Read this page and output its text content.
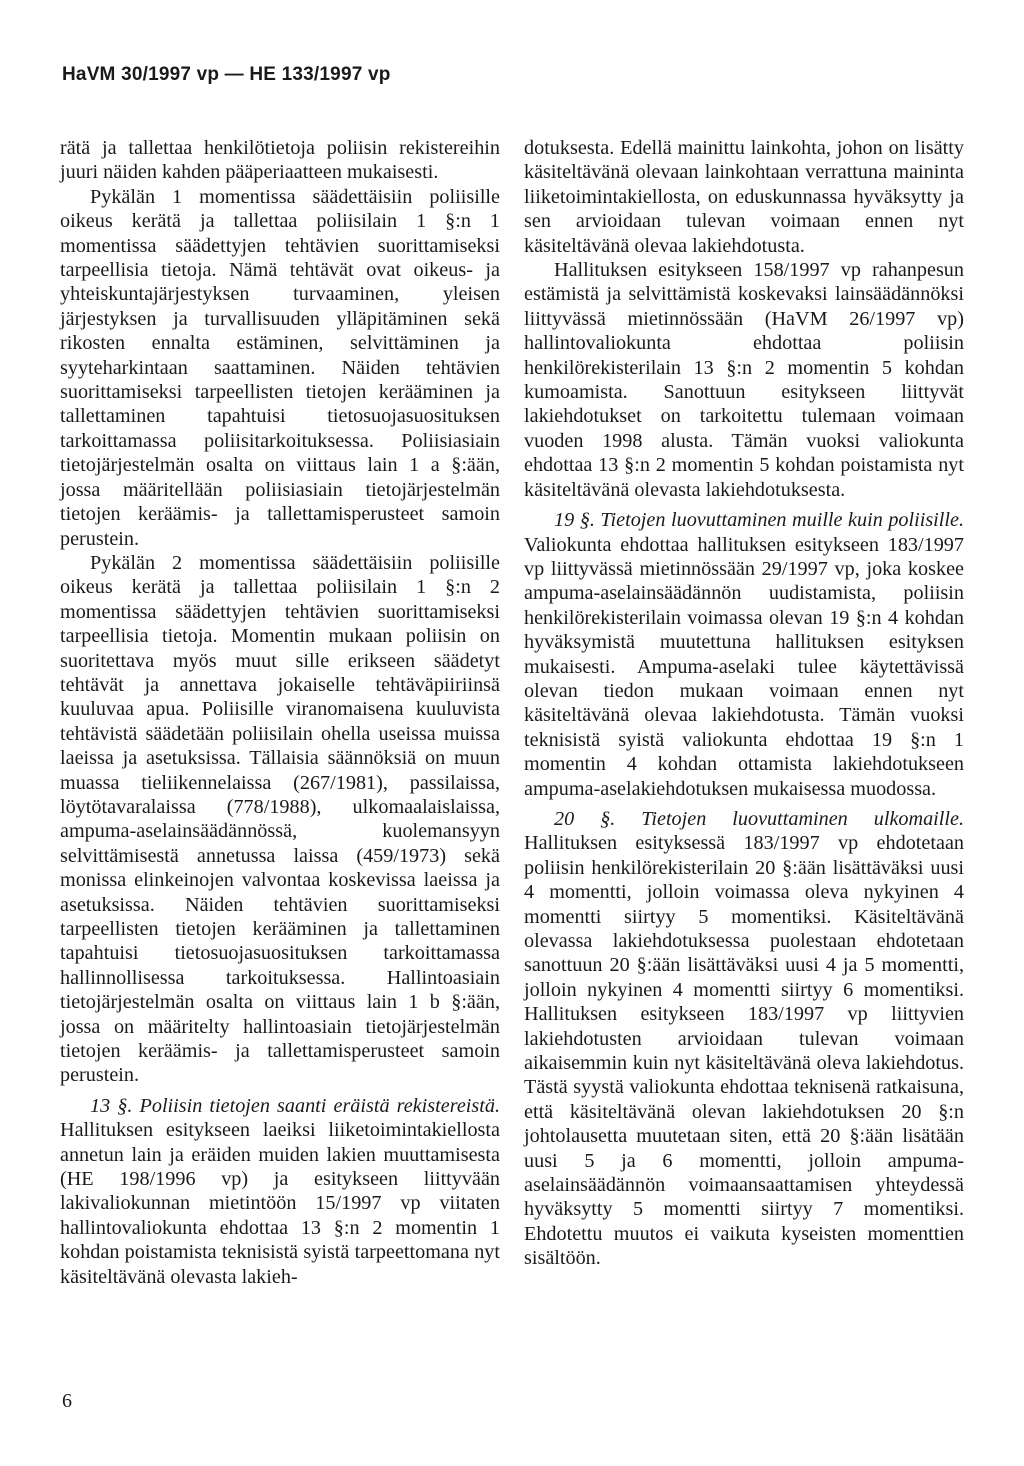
HaVM 30/1997 vp — HE 133/1997 vp

rätä ja tallettaa henkilötietoja poliisin rekistereihin juuri näiden kahden pääperiaatteen mukaisesti.

Pykälän 1 momentissa säädettäisiin poliisille oikeus kerätä ja tallettaa poliisilain 1 §:n 1 momentissa säädettyjen tehtävien suorittamiseksi tarpeellisia tietoja. Nämä tehtävät ovat oikeus- ja yhteiskuntajärjestyksen turvaaminen, yleisen järjestyksen ja turvallisuuden ylläpitäminen sekä rikosten ennalta estäminen, selvittäminen ja syyteharkintaan saattaminen. Näiden tehtävien suorittamiseksi tarpeellisten tietojen kerääminen ja tallettaminen tapahtuisi tietosuojasuosituksen tarkoittamassa poliisitarkoituksessa. Poliisiasiain tietojärjestelmän osalta on viittaus lain 1 a §:ään, jossa määritellään poliisiasiain tietojärjestelmän tietojen keräämis- ja tallettamisperusteet samoin perustein.

Pykälän 2 momentissa säädettäisiin poliisille oikeus kerätä ja tallettaa poliisilain 1 §:n 2 momentissa säädettyjen tehtävien suorittamiseksi tarpeellisia tietoja. Momentin mukaan poliisin on suoritettava myös muut sille erikseen säädetyt tehtävät ja annettava jokaiselle tehtäväpiiriinsä kuuluvaa apua. Poliisille viranomaisena kuuluvista tehtävistä säädetään poliisilain ohella useissa muissa laeissa ja asetuksissa. Tällaisia säännöksiä on muun muassa tieliikennelaissa (267/1981), passilaissa, löytötavaralaissa (778/1988), ulkomaalaislaissa, ampuma-aselainsäädännössä, kuolemansyyn selvittämisestä annetussa laissa (459/1973) sekä monissa elinkeinojen valvontaa koskevissa laeissa ja asetuksissa. Näiden tehtävien suorittamiseksi tarpeellisten tietojen kerääminen ja tallettaminen tapahtuisi tietosuojasuosituksen tarkoittamassa hallinnollisessa tarkoituksessa. Hallintoasiain tietojärjestelmän osalta on viittaus lain 1 b §:ään, jossa on määritelty hallintoasiain tietojärjestelmän tietojen keräämis- ja tallettamisperusteet samoin perustein.

13 §. Poliisin tietojen saanti eräistä rekistereistä. Hallituksen esitykseen laeiksi liiketoimintakiellosta annetun lain ja eräiden muiden lakien muuttamisesta (HE 198/1996 vp) ja esitykseen liittyvään lakivaliokunnan mietintöön 15/1997 vp viitaten hallintovaliokunta ehdottaa 13 §:n 2 momentin 1 kohdan poistamista teknisistä syistä tarpeettomana nyt käsiteltävänä olevasta lakieh-

dotuksesta. Edellä mainittu lainkohta, johon on lisätty käsiteltävänä olevaan lainkohtaan verrattuna maininta liiketoimintakiellosta, on eduskunnassa hyväksytty ja sen arvioidaan tulevan voimaan ennen nyt käsiteltävänä olevaa lakiehdotusta.

Hallituksen esitykseen 158/1997 vp rahanpesun estämistä ja selvittämistä koskevaksi lainsäädännöksi liittyvässä mietinnössään (HaVM 26/1997 vp) hallintovaliokunta ehdottaa poliisin henkilörekisterilain 13 §:n 2 momentin 5 kohdan kumoamista. Sanottuun esitykseen liittyvät lakiehdotukset on tarkoitettu tulemaan voimaan vuoden 1998 alusta. Tämän vuoksi valiokunta ehdottaa 13 §:n 2 momentin 5 kohdan poistamista nyt käsiteltävänä olevasta lakiehdotuksesta.

19 §. Tietojen luovuttaminen muille kuin poliisille. Valiokunta ehdottaa hallituksen esitykseen 183/1997 vp liittyvässä mietinnössään 29/1997 vp, joka koskee ampuma-aselainsäädännön uudistamista, poliisin henkilörekisterilain voimassa olevan 19 §:n 4 kohdan hyväksymistä muutettuna hallituksen esityksen mukaisesti. Ampuma-aselaki tulee käytettävissä olevan tiedon mukaan voimaan ennen nyt käsiteltävänä olevaa lakiehdotusta. Tämän vuoksi teknisistä syistä valiokunta ehdottaa 19 §:n 1 momentin 4 kohdan ottamista lakiehdotukseen ampuma-aselakiehdotuksen mukaisessa muodossa.

20 §. Tietojen luovuttaminen ulkomaille. Hallituksen esityksessä 183/1997 vp ehdotetaan poliisin henkilörekisterilain 20 §:ään lisättäväksi uusi 4 momentti, jolloin voimassa oleva nykyinen 4 momentti siirtyy 5 momentiksi. Käsiteltävänä olevassa lakiehdotuksessa puolestaan ehdotetaan sanottuun 20 §:ään lisättäväksi uusi 4 ja 5 momentti, jolloin nykyinen 4 momentti siirtyy 6 momentiksi. Hallituksen esitykseen 183/1997 vp liittyvien lakiehdotusten arvioidaan tulevan voimaan aikaisemmin kuin nyt käsiteltävänä oleva lakiehdotus. Tästä syystä valiokunta ehdottaa teknisenä ratkaisuna, että käsiteltävänä olevan lakiehdotuksen 20 §:n johtolausetta muutetaan siten, että 20 §:ään lisätään uusi 5 ja 6 momentti, jolloin ampuma-aselainsäädännön voimaansaattamisen yhteydessä hyväksytty 5 momentti siirtyy 7 momentiksi. Ehdotettu muutos ei vaikuta kyseisten momenttien sisältöön.

6
